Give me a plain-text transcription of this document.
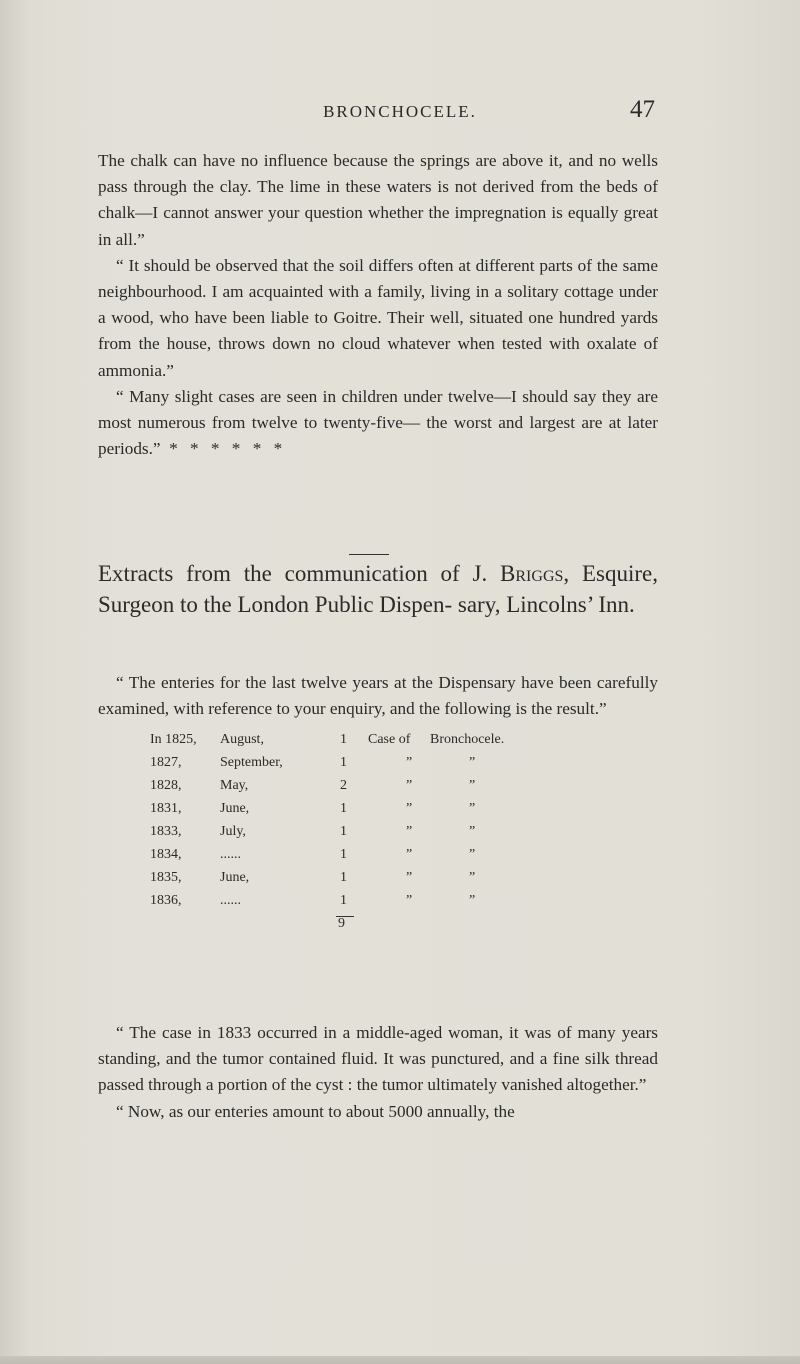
BRONCHOCELE.	47

The chalk can have no influence because the springs are above it, and no wells pass through the clay. The lime in these waters is not derived from the beds of chalk—I cannot answer your question whether the impregnation is equally great in all.”

“ It should be observed that the soil differs often at different parts of the same neighbourhood. I am acquainted with a family, living in a solitary cottage under a wood, who have been liable to Goitre. Their well, situated one hundred yards from the house, throws down no cloud whatever when tested with oxalate of ammonia.”

“ Many slight cases are seen in children under twelve—I should say they are most numerous from twelve to twenty-five— the worst and largest are at later periods.” * * * * * *

Extracts from the communication of J. Briggs, Esquire, Surgeon to the London Public Dispen- sary, Lincolns’ Inn.

“ The enteries for the last twelve years at the Dispensary have been carefully examined, with reference to your enquiry, and the following is the result.”

In 1825, August,	1 Case of Bronchocele.
1827,	September,	1	”	”
1828,	May,	2	”	”
1831,	June,	1	”	”
1833,	July,	1	”	”
1834,	......	1	”	”
1835,	June,	1	”	”
1836,	......	1	”	”
9

“ The case in 1833 occurred in a middle-aged woman, it was of many years standing, and the tumor contained fluid. It was punctured, and a fine silk thread passed through a portion of the cyst : the tumor ultimately vanished altogether.”

“ Now, as our enteries amount to about 5000 annually, the
